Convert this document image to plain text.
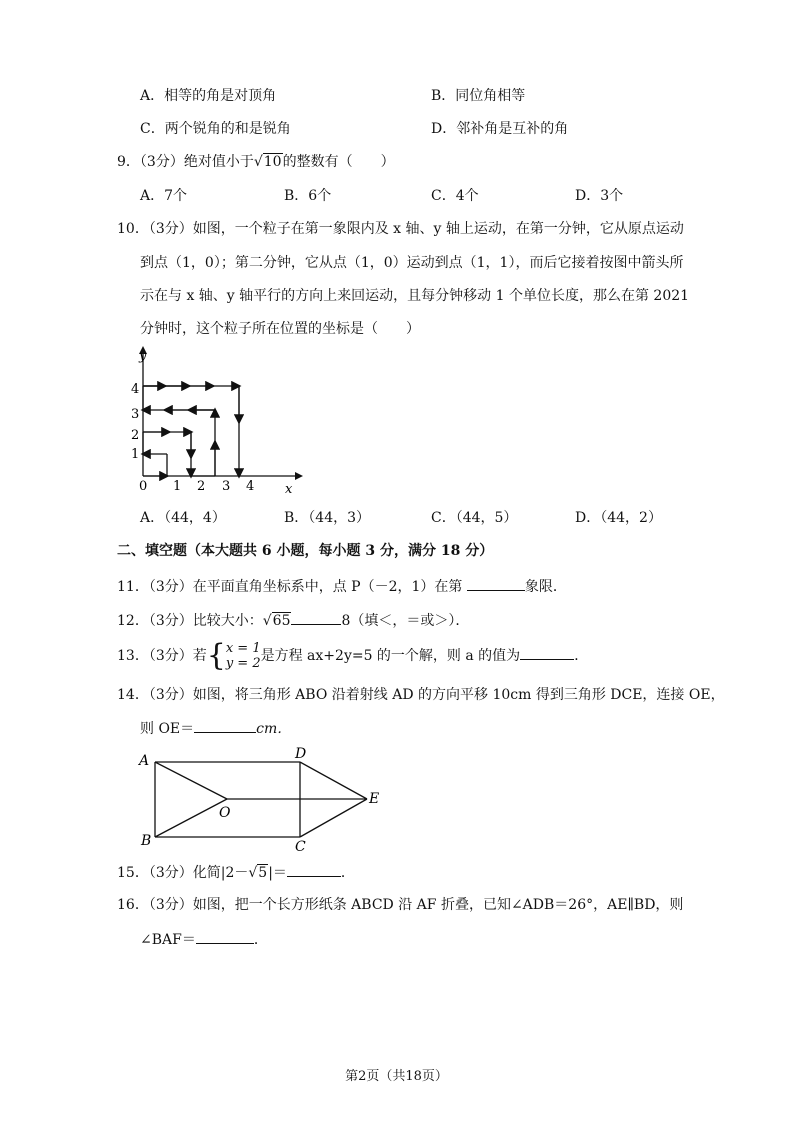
A．相等的角是对顶角	B．同位角相等
C．两个锐角的和是锐角	D．邻补角是互补的角
9．（3分）绝对值小于√10的整数有（　　）
A．7个	B．6个	C．4个	D．3个
10．（3分）如图，一个粒子在第一象限内及 x 轴、y 轴上运动，在第一分钟，它从原点运动
到点（1，0）；第二分钟，它从点（1，0）运动到点（1，1），而后它接着按图中箭头所
示在与 x 轴、y 轴平行的方向上来回运动，且每分钟移动 1 个单位长度，那么在第 2021
分钟时，这个粒子所在位置的坐标是（　　）
y
x
0 1 2 3 4
1
2
3
4
A．（44，4）	B．（44，3）	C．（44，5）	D．（44，2）
二、填空题（本大题共 6 小题，每小题 3 分，满分 18 分）
11．（3分）在平面直角坐标系中，点 P（－2，1）在第	象限．
12．（3分）比较大小：√65	8（填＜，＝或＞）．
13．（3分）若{x = 1
y = 2是方程 ax+2y=5 的一个解，则 a 的值为	．
14．（3分）如图，将三角形 ABO 沿着射线 AD 的方向平移 10cm 得到三角形 DCE，连接 OE，
则 OE＝	cm．
A
B
D
C
E
O
15．（3分）化简|2－√5|＝	．
16．（3分）如图，把一个长方形纸条 ABCD 沿 AF 折叠，已知∠ADB＝26°，AE∥BD，则
∠BAF＝	．
第2页（共18页）
